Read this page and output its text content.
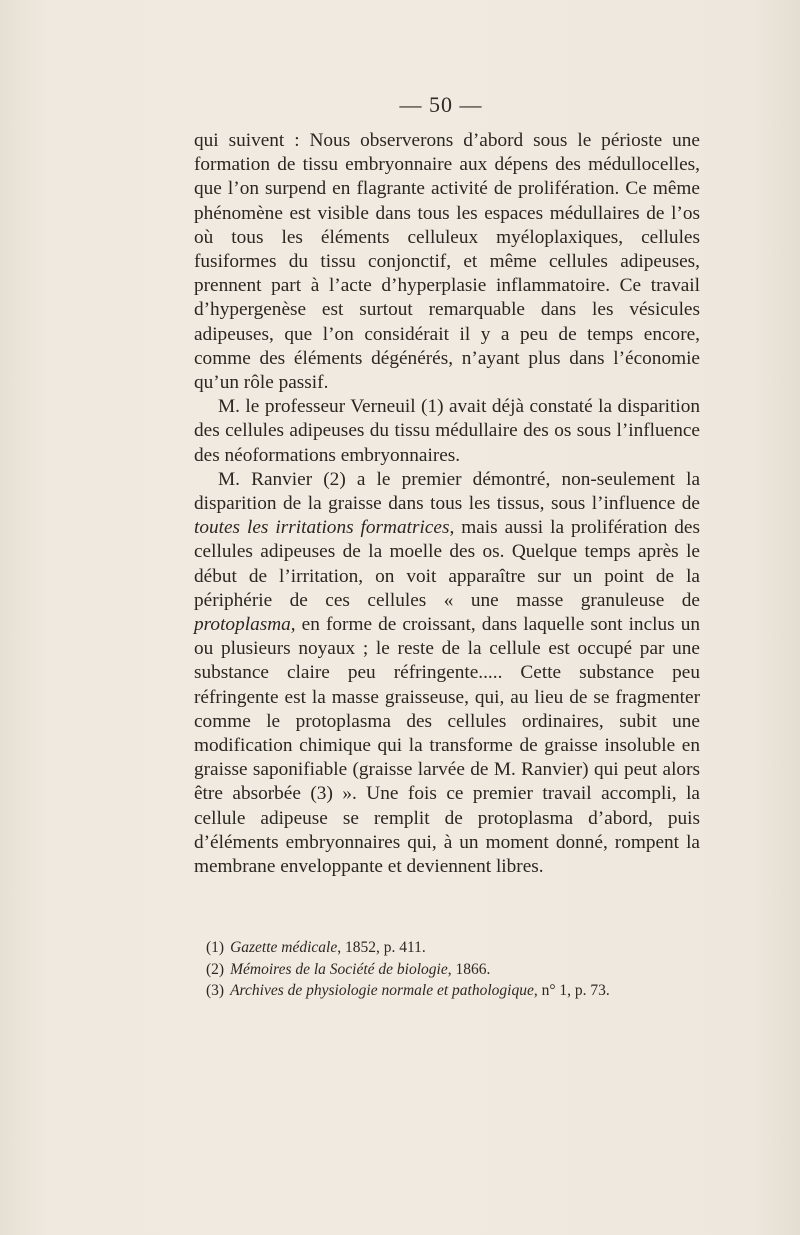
— 50 —

qui suivent : Nous observerons d’abord sous le périoste une formation de tissu embryonnaire aux dépens des médullocelles, que l’on surpend en flagrante activité de prolifération. Ce même phénomène est visible dans tous les espaces médullaires de l’os où tous les éléments celluleux myéloplaxiques, cellules fusiformes du tissu conjonctif, et même cellules adipeuses, prennent part à l’acte d’hyperplasie inflammatoire. Ce travail d’hypergenèse est surtout remarquable dans les vésicules adipeuses, que l’on considérait il y a peu de temps encore, comme des éléments dégénérés, n’ayant plus dans l’économie qu’un rôle passif.

M. le professeur Verneuil (1) avait déjà constaté la disparition des cellules adipeuses du tissu médullaire des os sous l’influence des néoformations embryonnaires.

M. Ranvier (2) a le premier démontré, non-seulement la disparition de la graisse dans tous les tissus, sous l’influence de toutes les irritations formatrices, mais aussi la prolifération des cellules adipeuses de la moelle des os. Quelque temps après le début de l’irritation, on voit apparaître sur un point de la périphérie de ces cellules « une masse granuleuse de protoplasma, en forme de croissant, dans laquelle sont inclus un ou plusieurs noyaux ; le reste de la cellule est occupé par une substance claire peu réfringente..... Cette substance peu réfringente est la masse graisseuse, qui, au lieu de se fragmenter comme le protoplasma des cellules ordinaires, subit une modification chimique qui la transforme de graisse insoluble en graisse saponifiable (graisse larvée de M. Ranvier) qui peut alors être absorbée (3) ». Une fois ce premier travail accompli, la cellule adipeuse se remplit de protoplasma d’abord, puis d’éléments embryonnaires qui, à un moment donné, rompent la membrane enveloppante et deviennent libres.

(1) Gazette médicale, 1852, p. 411.
(2) Mémoires de la Société de biologie, 1866.
(3) Archives de physiologie normale et pathologique, n° 1, p. 73.
